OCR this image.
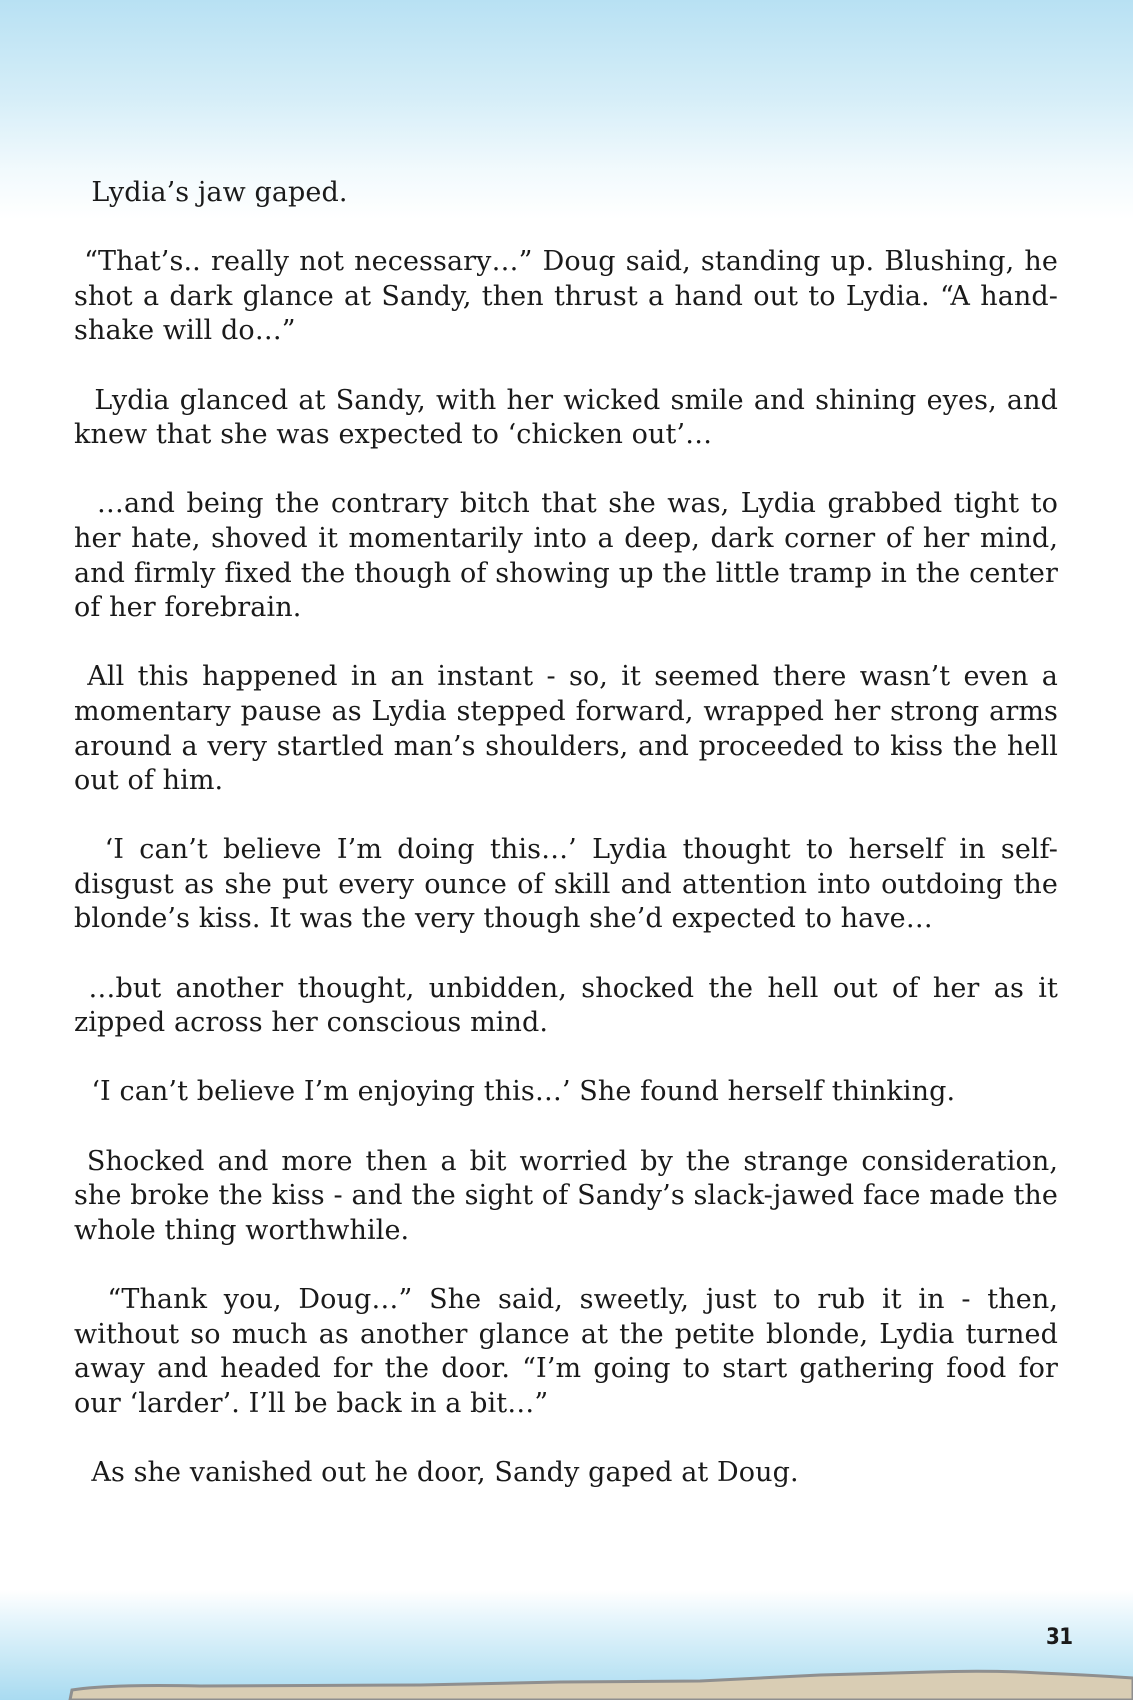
Lydia’s jaw gaped.

“That’s.. really not necessary…” Doug said, standing up. Blushing, he shot a dark glance at Sandy, then thrust a hand out to Lydia. “A hand-shake will do…”

Lydia glanced at Sandy, with her wicked smile and shining eyes, and knew that she was expected to ‘chicken out’…

…and being the contrary bitch that she was, Lydia grabbed tight to her hate, shoved it momentarily into a deep, dark corner of her mind, and firmly fixed the though of showing up the little tramp in the center of her forebrain.

All this happened in an instant - so, it seemed there wasn’t even a momentary pause as Lydia stepped forward, wrapped her strong arms around a very startled man’s shoulders, and proceeded to kiss the hell out of him.

‘I can’t believe I’m doing this…’ Lydia thought to herself in self-disgust as she put every ounce of skill and attention into outdoing the blonde’s kiss. It was the very though she’d expected to have…

…but another thought, unbidden, shocked the hell out of her as it zipped across her conscious mind.

‘I can’t believe I’m enjoying this…’ She found herself thinking.

Shocked and more then a bit worried by the strange consideration, she broke the kiss - and the sight of Sandy’s slack-jawed face made the whole thing worthwhile.

“Thank you, Doug…” She said, sweetly, just to rub it in - then, without so much as another glance at the petite blonde, Lydia turned away and headed for the door. “I’m going to start gathering food for our ‘larder’. I’ll be back in a bit…”

As she vanished out he door, Sandy gaped at Doug.

31
